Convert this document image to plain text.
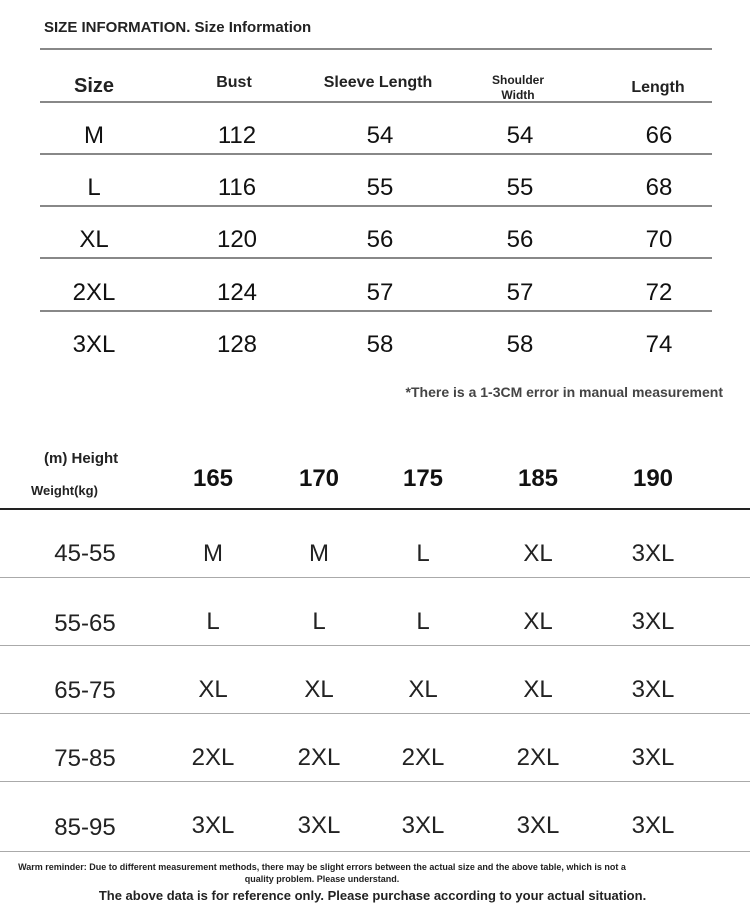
SIZE INFORMATION. Size Information
Size	Bust	Sleeve Length	Shoulder Width	Length
M	112	54	54	66
L	116	55	55	68
XL	120	56	56	70
2XL	124	57	57	72
3XL	128	58	58	74
*There is a 1-3CM error in manual measurement
(m) Height
Weight(kg)	165	170	175	185	190
45-55	M	M	L	XL	3XL
55-65	L	L	L	XL	3XL
65-75	XL	XL	XL	XL	3XL
75-85	2XL	2XL	2XL	2XL	3XL
85-95	3XL	3XL	3XL	3XL	3XL
Warm reminder: Due to different measurement methods, there may be slight errors between the actual size and the above table, which is not a quality problem. Please understand.
The above data is for reference only. Please purchase according to your actual situation.
